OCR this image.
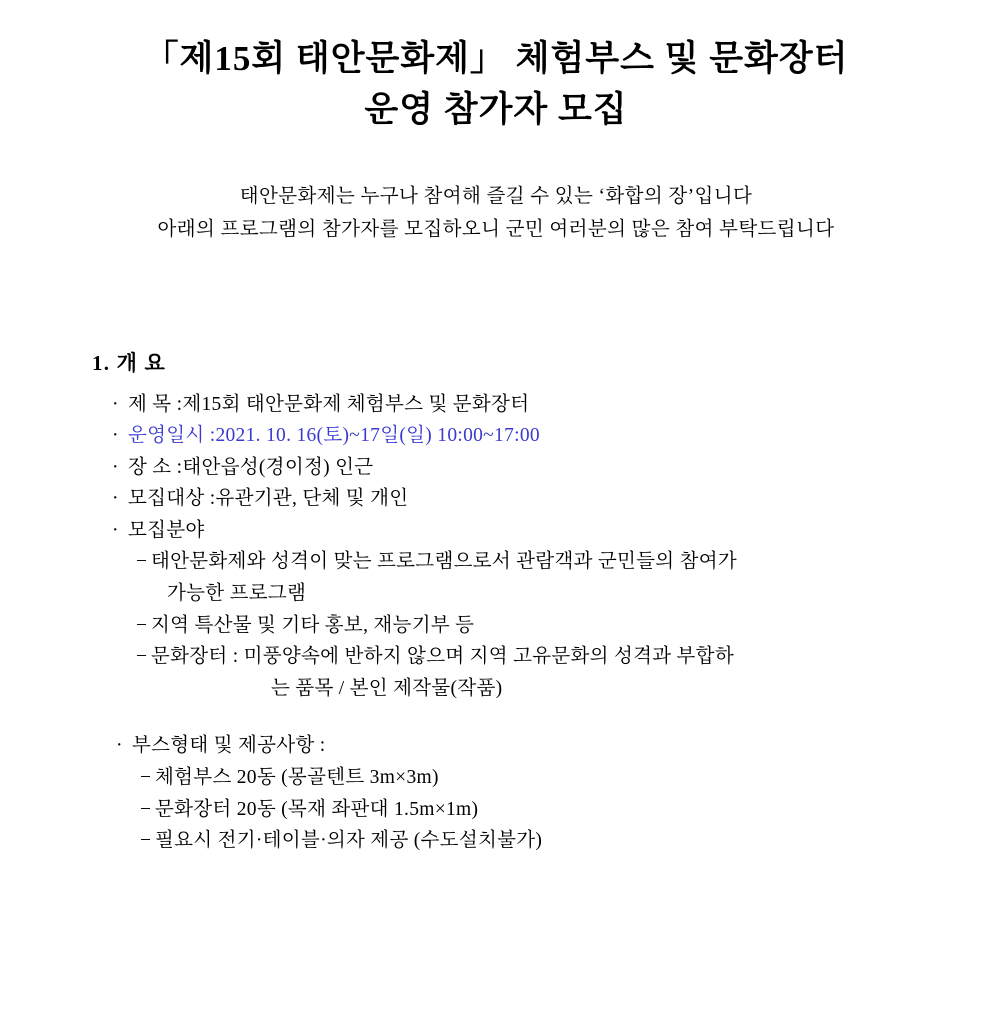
「제15회 태안문화제」 체험부스 및 문화장터
운영 참가자 모집
태안문화제는 누구나 참여해 즐길 수 있는 ‘화합의 장’입니다
아래의 프로그램의 참가자를 모집하오니 군민 여러분의 많은 참여 부탁드립니다
1. 개 요
· 제 목 :제15회 태안문화제 체험부스 및 문화장터
· 운영일시 :2021. 10. 16(토)~17일(일) 10:00~17:00
· 장 소 :태안읍성(경이정) 인근
· 모집대상 :유관기관, 단체 및 개인
· 모집분야
− 태안문화제와 성격이 맞는 프로그램으로서 관람객과 군민들의 참여가
가능한 프로그램
− 지역 특산물 및 기타 홍보, 재능기부 등
− 문화장터 : 미풍양속에 반하지 않으며 지역 고유문화의 성격과 부합하
는 품목 / 본인 제작물(작품)
· 부스형태 및 제공사항 :
− 체험부스 20동 (몽골텐트 3m×3m)
− 문화장터 20동 (목재 좌판대 1.5m×1m)
− 필요시 전기·테이블·의자 제공 (수도설치불가)
